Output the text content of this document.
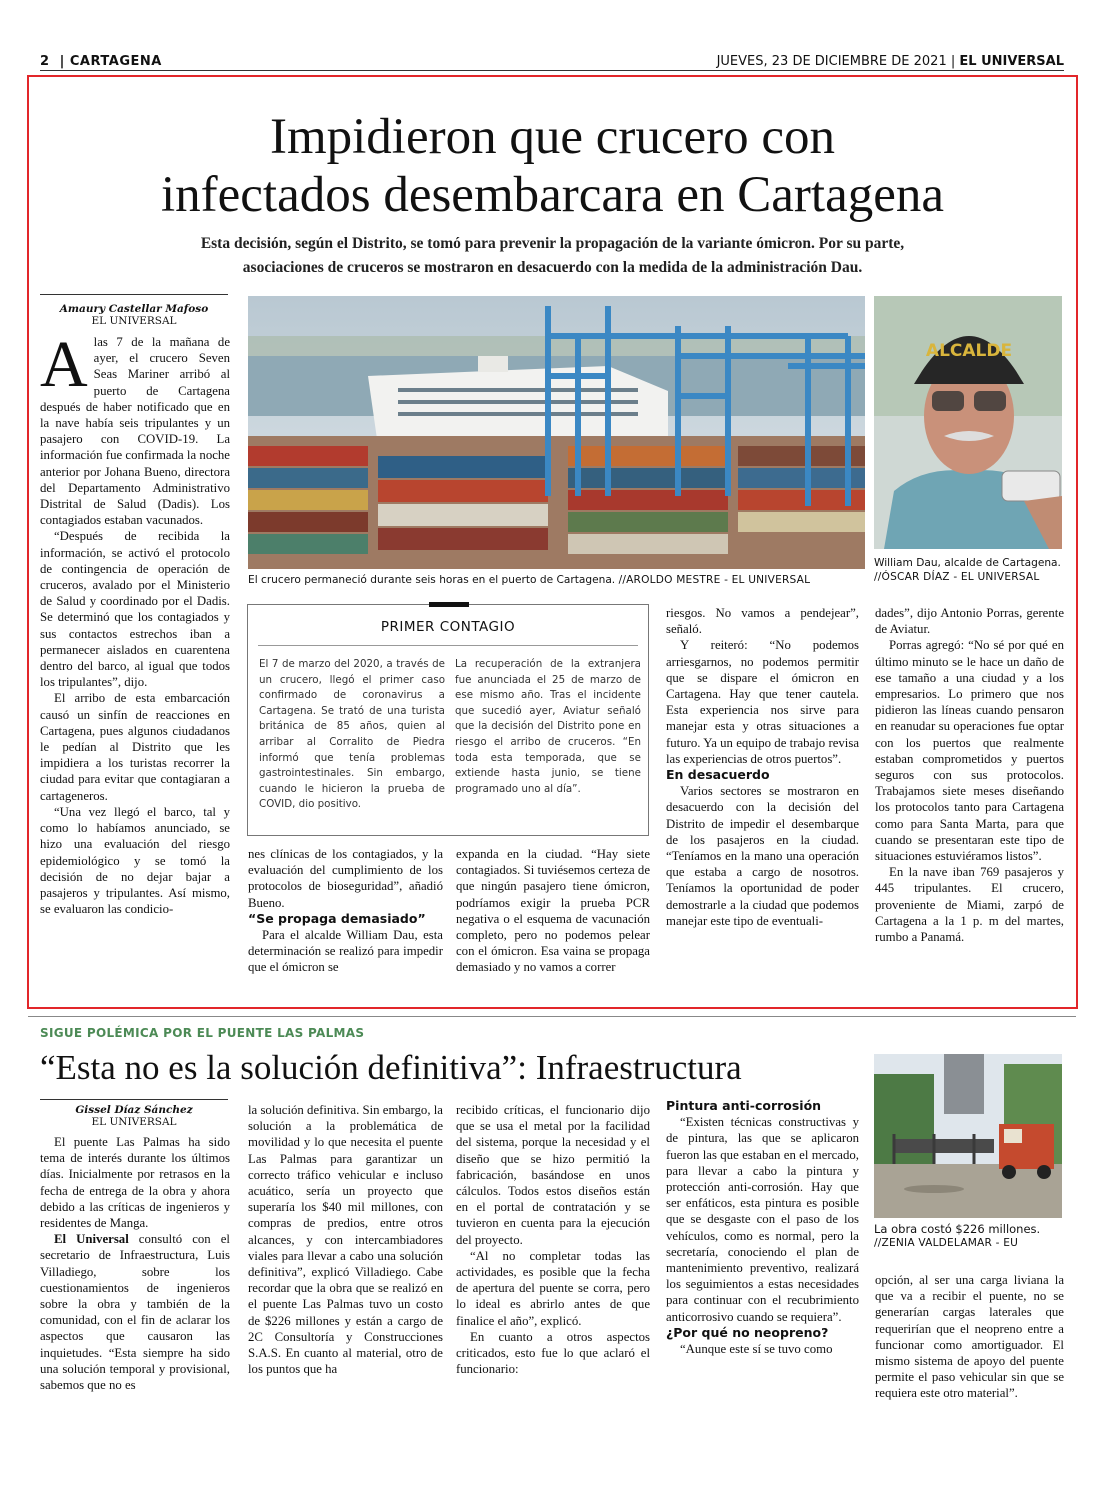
2  | CARTAGENA	JUEVES, 23 DE DICIEMBRE DE 2021 | EL UNIVERSAL
Impidieron que crucero con
infectados desembarcara en Cartagena
Esta decisión, según el Distrito, se tomó para prevenir la propagación de la variante ómicron. Por su parte,
asociaciones de cruceros se mostraron en desacuerdo con la medida de la administración Dau.
Amaury Castellar Mafoso
EL UNIVERSAL

Alas 7 de la mañana de ayer, el crucero Seven Seas Mariner arribó al puerto de Cartagena después de haber notificado que en la nave había seis tripulantes y un pasajero con COVID-19. La información fue confirmada la noche anterior por Johana Bueno, directora del Departamento Administrativo Distrital de Salud (Dadis). Los contagiados estaban vacunados.

“Después de recibida la información, se activó el protocolo de contingencia de operación de cruceros, avalado por el Ministerio de Salud y coordinado por el Dadis. Se determinó que los contagiados y sus contactos estrechos iban a permanecer aislados en cuarentena dentro del barco, al igual que todos los tripulantes”, dijo.

El arribo de esta embarcación causó un sinfín de reacciones en Cartagena, pues algunos ciudadanos le pedían al Distrito que les impidiera a los turistas recorrer la ciudad para evitar que contagiaran a cartageneros.

“Una vez llegó el barco, tal y como lo habíamos anunciado, se hizo una evaluación del riesgo epidemiológico y se tomó la decisión de no dejar bajar a pasajeros y tripulantes. Así mismo, se evaluaron las condicio-

El crucero permaneció durante seis horas en el puerto de Cartagena. //AROLDO MESTRE - EL UNIVERSAL
ALCALDE
William Dau, alcalde de Cartagena. //ÓSCAR DÍAZ - EL UNIVERSAL
PRIMER CONTAGIO
El 7 de marzo del 2020, a través de un crucero, llegó el primer caso confirmado de coronavirus a Cartagena. Se trató de una turista británica de 85 años, quien al arribar al Corralito de Piedra informó que tenía problemas gastrointestinales. Sin embargo, cuando le hicieron la prueba de COVID, dio positivo.
La recuperación de la extranjera fue anunciada el 25 de marzo de ese mismo año. Tras el incidente que sucedió ayer, Aviatur señaló que la decisión del Distrito pone en riesgo el arribo de cruceros. “En toda esta temporada, que se extiende hasta junio, se tiene programado uno al día”.

nes clínicas de los contagiados, y la evaluación del cumplimiento de los protocolos de bioseguridad”, añadió Bueno.

“Se propaga demasiado”

Para el alcalde William Dau, esta determinación se realizó para impedir que el ómicron se

expanda en la ciudad. “Hay siete contagiados. Si tuviésemos certeza de que ningún pasajero tiene ómicron, podríamos exigir la prueba PCR negativa o el esquema de vacunación completo, pero no podemos pelear con el ómicron. Esa vaina se propaga demasiado y no vamos a correr

riesgos. No vamos a pendejear”, señaló.

Y reiteró: “No podemos arriesgarnos, no podemos permitir que se dispare el ómicron en Cartagena. Hay que tener cautela. Esta experiencia nos sirve para manejar esta y otras situaciones a futuro. Ya un equipo de trabajo revisa las experiencias de otros puertos”.

En desacuerdo

Varios sectores se mostraron en desacuerdo con la decisión del Distrito de impedir el desembarque de los pasajeros en la ciudad. “Teníamos en la mano una operación que estaba a cargo de nosotros. Teníamos la oportunidad de poder demostrarle a la ciudad que podemos manejar este tipo de eventuali-

dades”, dijo Antonio Porras, gerente de Aviatur.

Porras agregó: “No sé por qué en último minuto se le hace un daño de ese tamaño a una ciudad y a los empresarios. Lo primero que nos pidieron las líneas cuando pensaron en reanudar su operaciones fue optar con los puertos que realmente estaban comprometidos y puertos seguros con sus protocolos. Trabajamos siete meses diseñando los protocolos tanto para Cartagena como para Santa Marta, para que cuando se presentaran este tipo de situaciones estuviéramos listos”.

En la nave iban 769 pasajeros y 445 tripulantes. El crucero, proveniente de Miami, zarpó de Cartagena a la 1 p. m del martes, rumbo a Panamá.

SIGUE POLÉMICA POR EL PUENTE LAS PALMAS
“Esta no es la solución definitiva”: Infraestructura
Gissel Díaz Sánchez
EL UNIVERSAL

El puente Las Palmas ha sido tema de interés durante los últimos días. Inicialmente por retrasos en la fecha de entrega de la obra y ahora debido a las críticas de ingenieros y residentes de Manga.

El Universal consultó con el secretario de Infraestructura, Luis Villadiego, sobre los cuestionamientos de ingenieros sobre la obra y también de la comunidad, con el fin de aclarar los aspectos que causaron las inquietudes. “Esta siempre ha sido una solución temporal y provisional, sabemos que no es

la solución definitiva. Sin embargo, la solución a la problemática de movilidad y lo que necesita el puente Las Palmas para garantizar un correcto tráfico vehicular e incluso acuático, sería un proyecto que superaría los $40 mil millones, con compras de predios, entre otros alcances, y con intercambiadores viales para llevar a cabo una solución definitiva”, explicó Villadiego. Cabe recordar que la obra que se realizó en el puente Las Palmas tuvo un costo de $226 millones y están a cargo de 2C Consultoría y Construcciones S.A.S. En cuanto al material, otro de los puntos que ha

recibido críticas, el funcionario dijo que se usa el metal por la facilidad del sistema, porque la necesidad y el diseño que se hizo permitió la fabricación, basándose en unos cálculos. Todos estos diseños están en el portal de contratación y se tuvieron en cuenta para la ejecución del proyecto.

“Al no completar todas las actividades, es posible que la fecha de apertura del puente se corra, pero lo ideal es abrirlo antes de que finalice el año”, explicó.

En cuanto a otros aspectos criticados, esto fue lo que aclaró el funcionario:

Pintura anti-corrosión

“Existen técnicas constructivas y de pintura, las que se aplicaron fueron las que estaban en el mercado, para llevar a cabo la pintura y protección anti-corrosión. Hay que ser enfáticos, esta pintura es posible que se desgaste con el paso de los vehículos, como es normal, pero la secretaría, conociendo el plan de mantenimiento preventivo, realizará los seguimientos a estas necesidades para continuar con el recubrimiento anticorrosivo cuando se requiera”.

¿Por qué no neopreno?

“Aunque este sí se tuvo como

La obra costó $226 millones.
//ZENIA VALDELAMAR - EU

opción, al ser una carga liviana la que va a recibir el puente, no se generarían cargas laterales que requerirían que el neopreno entre a funcionar como amortiguador. El mismo sistema de apoyo del puente permite el paso vehicular sin que se requiera este otro material”.
